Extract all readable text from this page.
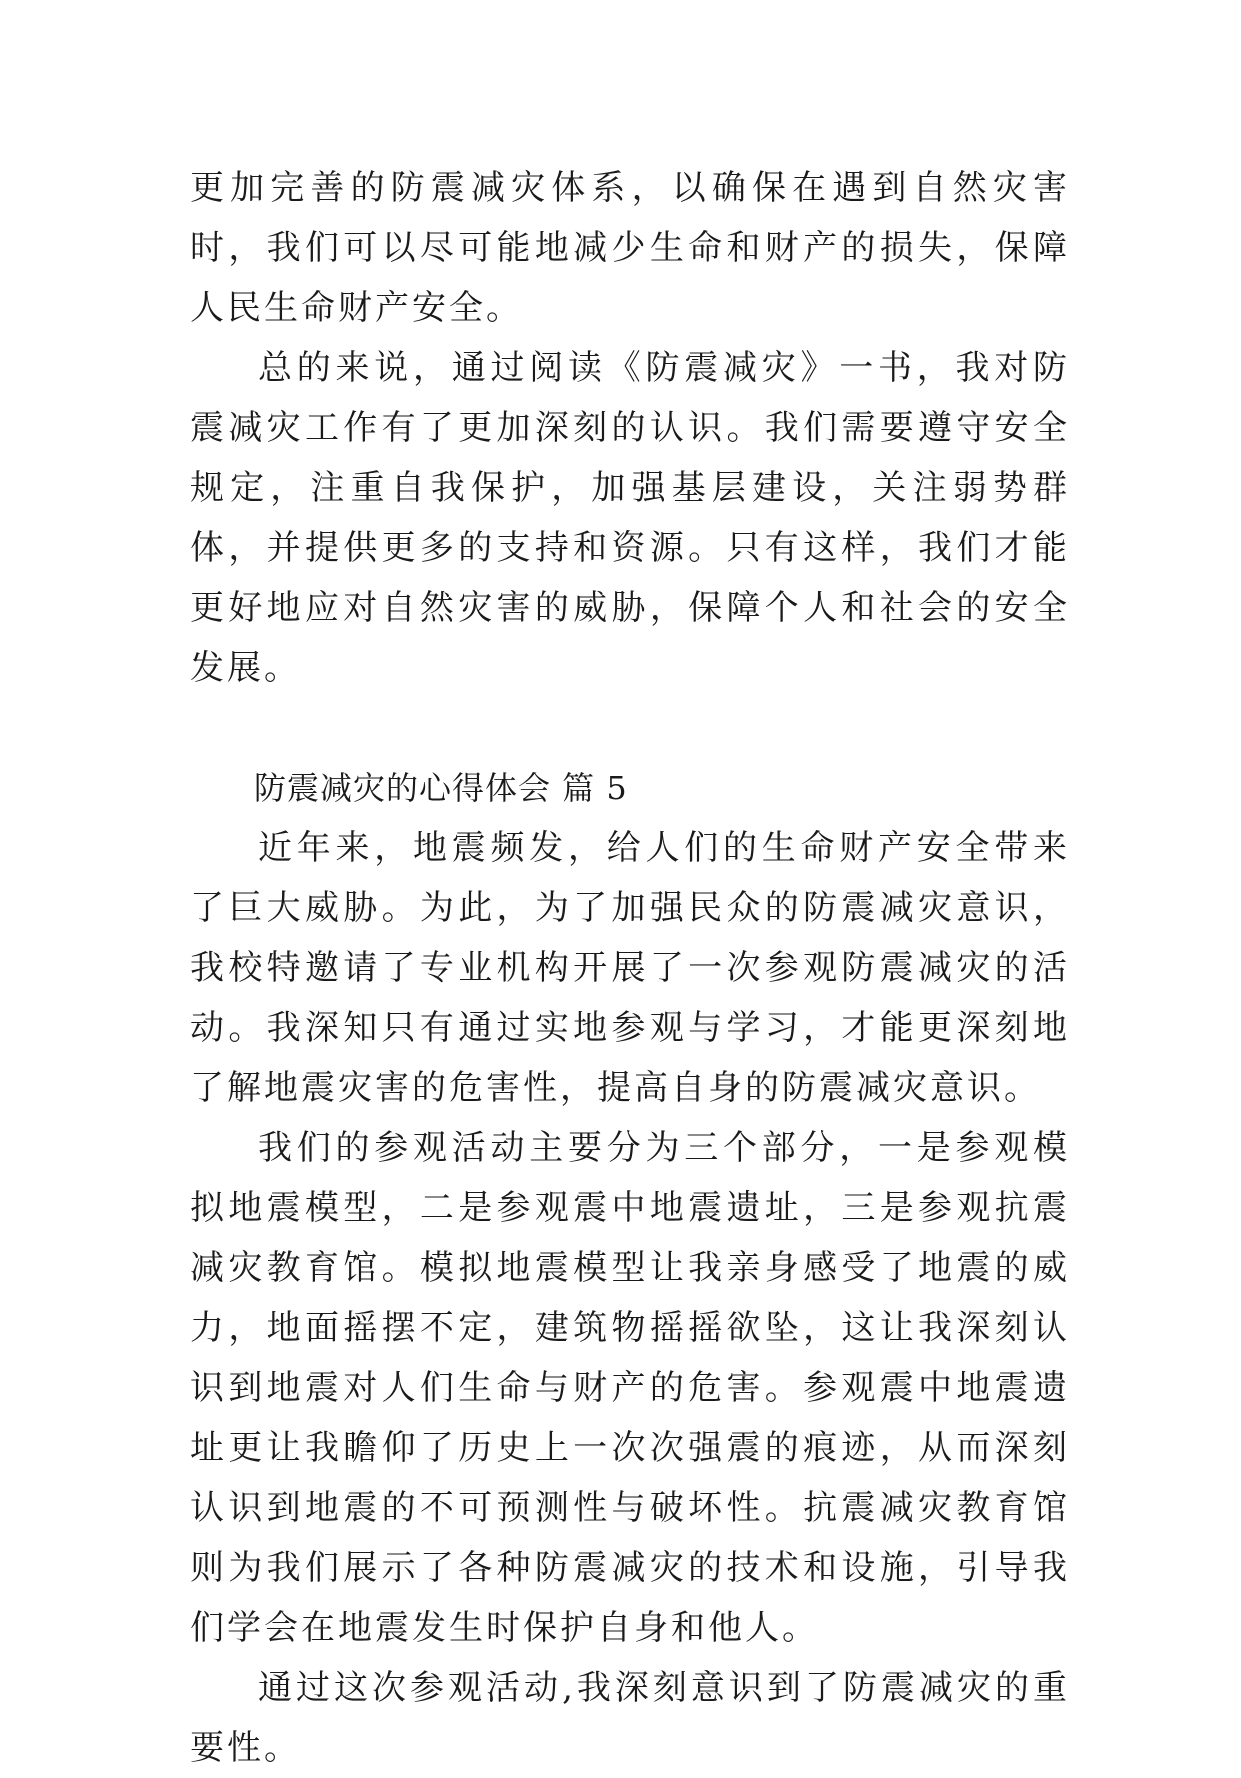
更加完善的防震减灾体系，以确保在遇到自然灾害时，我们可以尽可能地减少生命和财产的损失，保障人民生命财产安全。

总的来说，通过阅读《防震减灾》一书，我对防震减灾工作有了更加深刻的认识。我们需要遵守安全规定，注重自我保护，加强基层建设，关注弱势群体，并提供更多的支持和资源。只有这样，我们才能更好地应对自然灾害的威胁，保障个人和社会的安全发展。

防震减灾的心得体会 篇 5

近年来，地震频发，给人们的生命财产安全带来了巨大威胁。为此，为了加强民众的防震减灾意识，我校特邀请了专业机构开展了一次参观防震减灾的活动。我深知只有通过实地参观与学习，才能更深刻地了解地震灾害的危害性，提高自身的防震减灾意识。

我们的参观活动主要分为三个部分，一是参观模拟地震模型，二是参观震中地震遗址，三是参观抗震减灾教育馆。模拟地震模型让我亲身感受了地震的威力，地面摇摆不定，建筑物摇摇欲坠，这让我深刻认识到地震对人们生命与财产的危害。参观震中地震遗址更让我瞻仰了历史上一次次强震的痕迹，从而深刻认识到地震的不可预测性与破坏性。抗震减灾教育馆则为我们展示了各种防震减灾的技术和设施，引导我们学会在地震发生时保护自身和他人。

通过这次参观活动,我深刻意识到了防震减灾的重要性。
